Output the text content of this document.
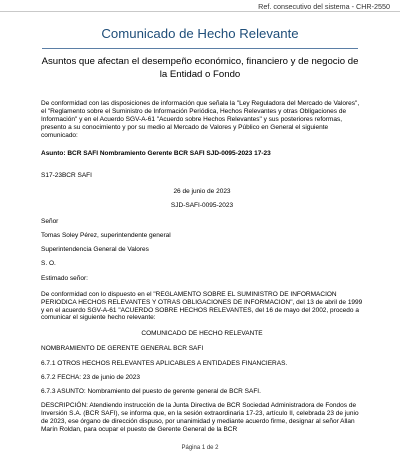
Ref. consecutivo del sistema - CHR-2550
Comunicado de Hecho Relevante
Asuntos que afectan el desempeño económico, financiero y de negocio de la Entidad o Fondo

De conformidad con las disposiciones de información que señala la "Ley Reguladora del Mercado de Valores", el "Reglamento sobre el Suministro de Información Periódica, Hechos Relevantes y otras Obligaciones de Información" y en el Acuerdo SGV-A-61 "Acuerdo sobre Hechos Relevantes" y sus posteriores reformas, presento a su conocimiento y por su medio al Mercado de Valores y Público en General el siguiente comunicado:

Asunto: BCR SAFI Nombramiento Gerente BCR SAFI SJD-0095-2023 17-23

S17-23BCR SAFI

26 de junio de 2023

SJD-SAFI-0095-2023

Señor

Tomas Soley Pérez, superintendente general

Superintendencia General de Valores

S. O.

Estimado señor:

De conformidad con lo dispuesto en el "REGLAMENTO SOBRE EL SUMINISTRO DE INFORMACION PERIODICA HECHOS RELEVANTES Y OTRAS OBLIGACIONES DE INFORMACION", del 13 de abril de 1999 y en el acuerdo SGV-A-61 "ACUERDO SOBRE HECHOS RELEVANTES, del 16 de mayo del 2002, procedo a comunicar el siguiente hecho relevante:

COMUNICADO DE HECHO RELEVANTE

NOMBRAMIENTO DE GERENTE GENERAL BCR SAFI

6.7.1 OTROS HECHOS RELEVANTES APLICABLES A ENTIDADES FINANCIERAS.

6.7.2 FECHA: 23 de junio de 2023

6.7.3 ASUNTO: Nombramiento del puesto de gerente general de BCR SAFI.

DESCRIPCIÓN: Atendiendo instrucción de la Junta Directiva de BCR Sociedad Administradora de Fondos de Inversión S.A. (BCR SAFI), se informa que, en la sesión extraordinaria 17-23, artículo II, celebrada 23 de junio de 2023, ese órgano de dirección dispuso, por unanimidad y mediante acuerdo firme, designar al señor Allan Marín Roldan, para ocupar el puesto de Gerente General de la BCR

Página 1 de 2
